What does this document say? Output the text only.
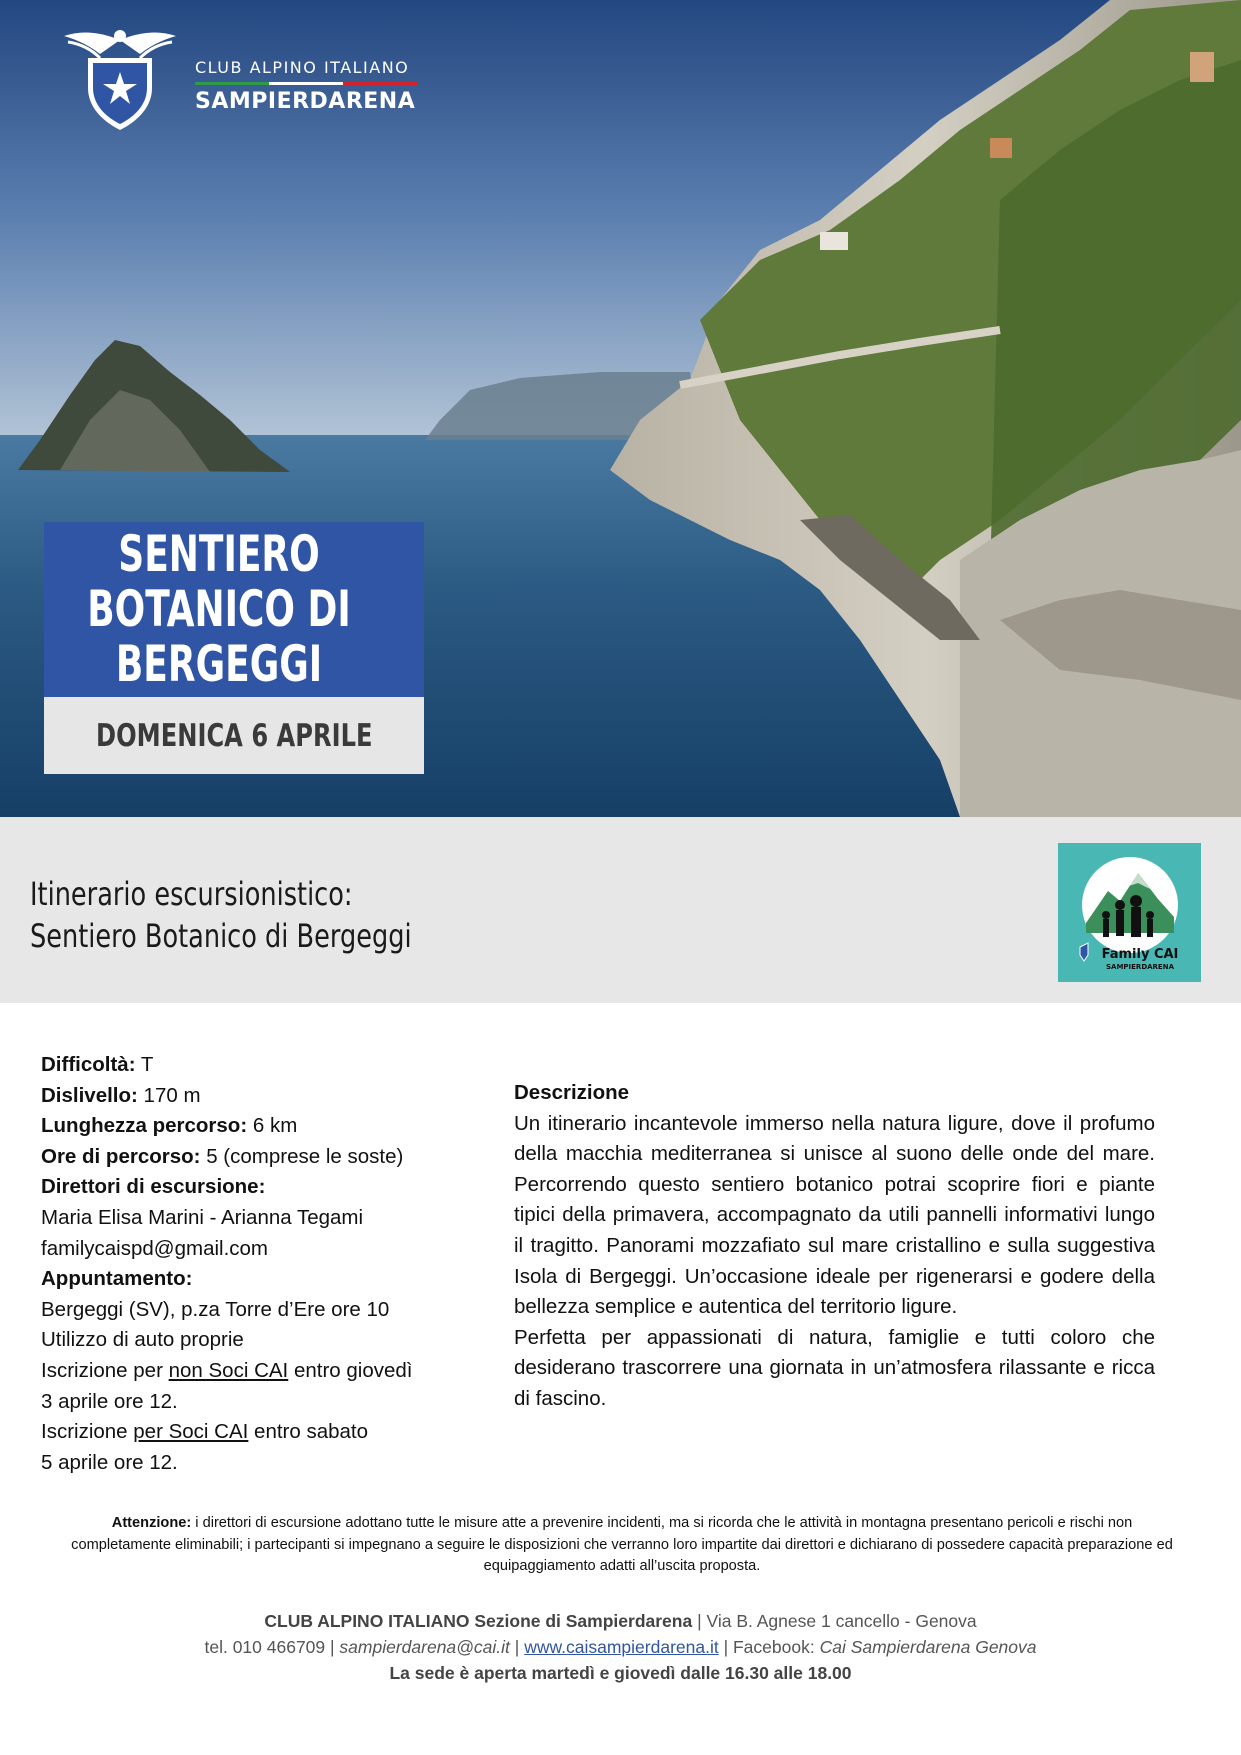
CLUB ALPINO ITALIANO
SAMPIERDARENA
SENTIERO BOTANICO DI BERGEGGI
DOMENICA 6 APRILE
Itinerario escursionistico:
Sentiero Botanico di Bergeggi	Family CAI
SAMPIERDARENA
Difficoltà: T
Dislivello: 170 m
Lunghezza percorso: 6 km
Ore di percorso: 5 (comprese le soste)
Direttori di escursione:
Maria Elisa Marini - Arianna Tegami
familycaispd@gmail.com
Appuntamento:
Bergeggi (SV), p.za Torre d’Ere ore 10
Utilizzo di auto proprie
Iscrizione per non Soci CAI entro giovedì
3 aprile ore 12.
Iscrizione per Soci CAI entro sabato
5 aprile ore 12.

Descrizione

Un itinerario incantevole immerso nella natura ligure, dove il profumo della macchia mediterranea si unisce al suono delle onde del mare. Percorrendo questo sentiero botanico potrai scoprire fiori e piante tipici della primavera, accompagnato da utili pannelli informativi lungo il tragitto. Panorami mozzafiato sul mare cristallino e sulla suggestiva Isola di Bergeggi. Un’occasione ideale per rigenerarsi e godere della bellezza semplice e autentica del territorio ligure.

Perfetta per appassionati di natura, famiglie e tutti coloro che desiderano trascorrere una giornata in un’atmosfera rilassante e ricca di fascino.

Attenzione: i direttori di escursione adottano tutte le misure atte a prevenire incidenti, ma si ricorda che le attività in montagna presentano pericoli e rischi non completamente eliminabili; i partecipanti si impegnano a seguire le disposizioni che verranno loro impartite dai direttori e dichiarano di possedere capacità preparazione ed equipaggiamento adatti all’uscita proposta.
CLUB ALPINO ITALIANO Sezione di Sampierdarena | Via B. Agnese 1 cancello - Genova
tel. 010 466709 | sampierdarena@cai.it | www.caisampierdarena.it | Facebook: Cai Sampierdarena Genova
La sede è aperta martedì e giovedì dalle 16.30 alle 18.00
